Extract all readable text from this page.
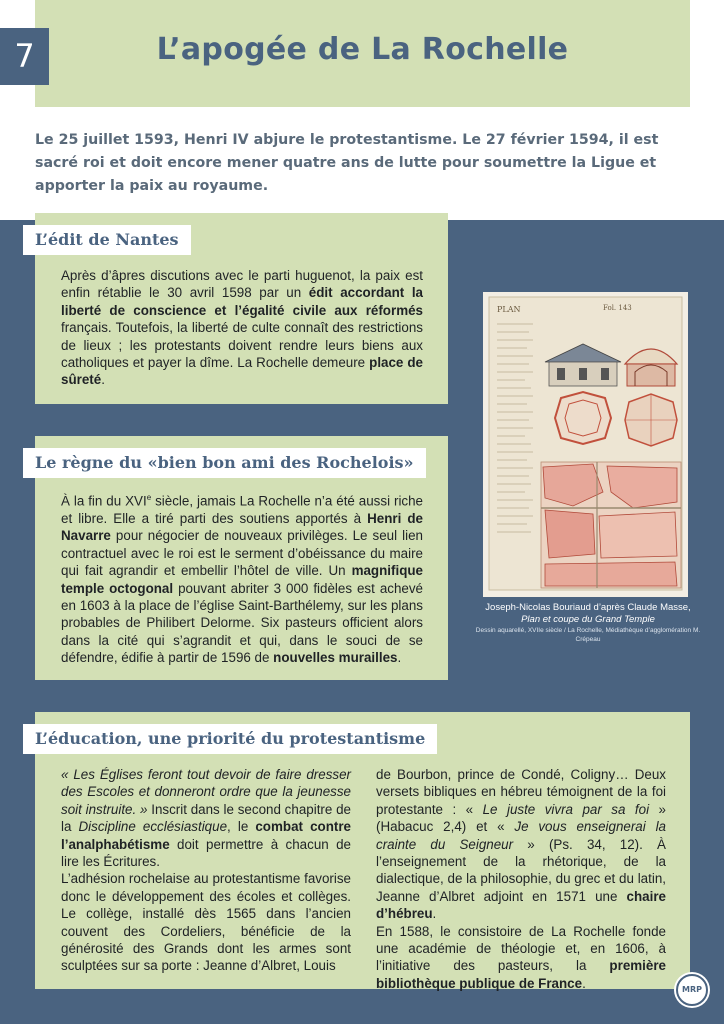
7	L’apogée de La Rochelle

Le 25 juillet 1593, Henri IV abjure le protestantisme. Le 27 février 1594, il est sacré roi et doit encore mener quatre ans de lutte pour soumettre la Ligue et apporter la paix au royaume.

L’édit de Nantes

Après d’âpres discutions avec le parti huguenot, la paix est enfin rétablie le 30 avril 1598 par un édit accordant la liberté de conscience et l’égalité civile aux réformés français. Toutefois, la liberté de culte connaît des restrictions de lieux ; les protestants doivent rendre leurs biens aux catholiques et payer la dîme. La Rochelle demeure place de sûreté.

Le règne du «bien bon ami des Rochelois»

À la fin du XVIe siècle, jamais La Rochelle n’a été aussi riche et libre. Elle a tiré parti des soutiens apportés à Henri de Navarre pour négocier de nouveaux privilèges. Le seul lien contractuel avec le roi est le serment d’obéissance du maire qui fait agrandir et embellir l’hôtel de ville. Un magnifique temple octogonal pouvant abriter 3 000 fidèles est achevé en 1603 à la place de l’église Saint-Barthélemy, sur les plans probables de Philibert Delorme. Six pasteurs officient alors dans la cité qui s’agrandit et qui, dans le souci de se défendre, édifie à partir de 1596 de nouvelles murailles.

PLAN	Fol. 143
Joseph-Nicolas Bouriaud d’après Claude Masse,
Plan et coupe du Grand Temple
Dessin aquarellé, XVIIe siècle / La Rochelle, Médiathèque d’agglomération M. Crépeau
L’éducation, une priorité du protestantisme

« Les Églises feront tout devoir de faire dresser des Escoles et donneront ordre que la jeunesse soit instruite. » Inscrit dans le second chapitre de la Discipline ecclésiastique, le combat contre l’analphabétisme doit permettre à chacun de lire les Écritures.
L’adhésion rochelaise au protestantisme favorise donc le développement des écoles et collèges. Le collège, installé dès 1565 dans l’ancien couvent des Cordeliers, bénéficie de la générosité des Grands dont les armes sont sculptées sur sa porte : Jeanne d’Albret, Louis

de Bourbon, prince de Condé, Coligny… Deux versets bibliques en hébreu témoignent de la foi protestante : « Le juste vivra par sa foi » (Habacuc 2,4) et « Je vous enseignerai la crainte du Seigneur » (Ps. 34, 12). À l’enseignement de la rhétorique, de la dialectique, de la philosophie, du grec et du latin, Jeanne d’Albret adjoint en 1571 une chaire d’hébreu.
En 1588, le consistoire de La Rochelle fonde une académie de théologie et, en 1606, à l’initiative des pasteurs, la première bibliothèque publique de France.	MRP
